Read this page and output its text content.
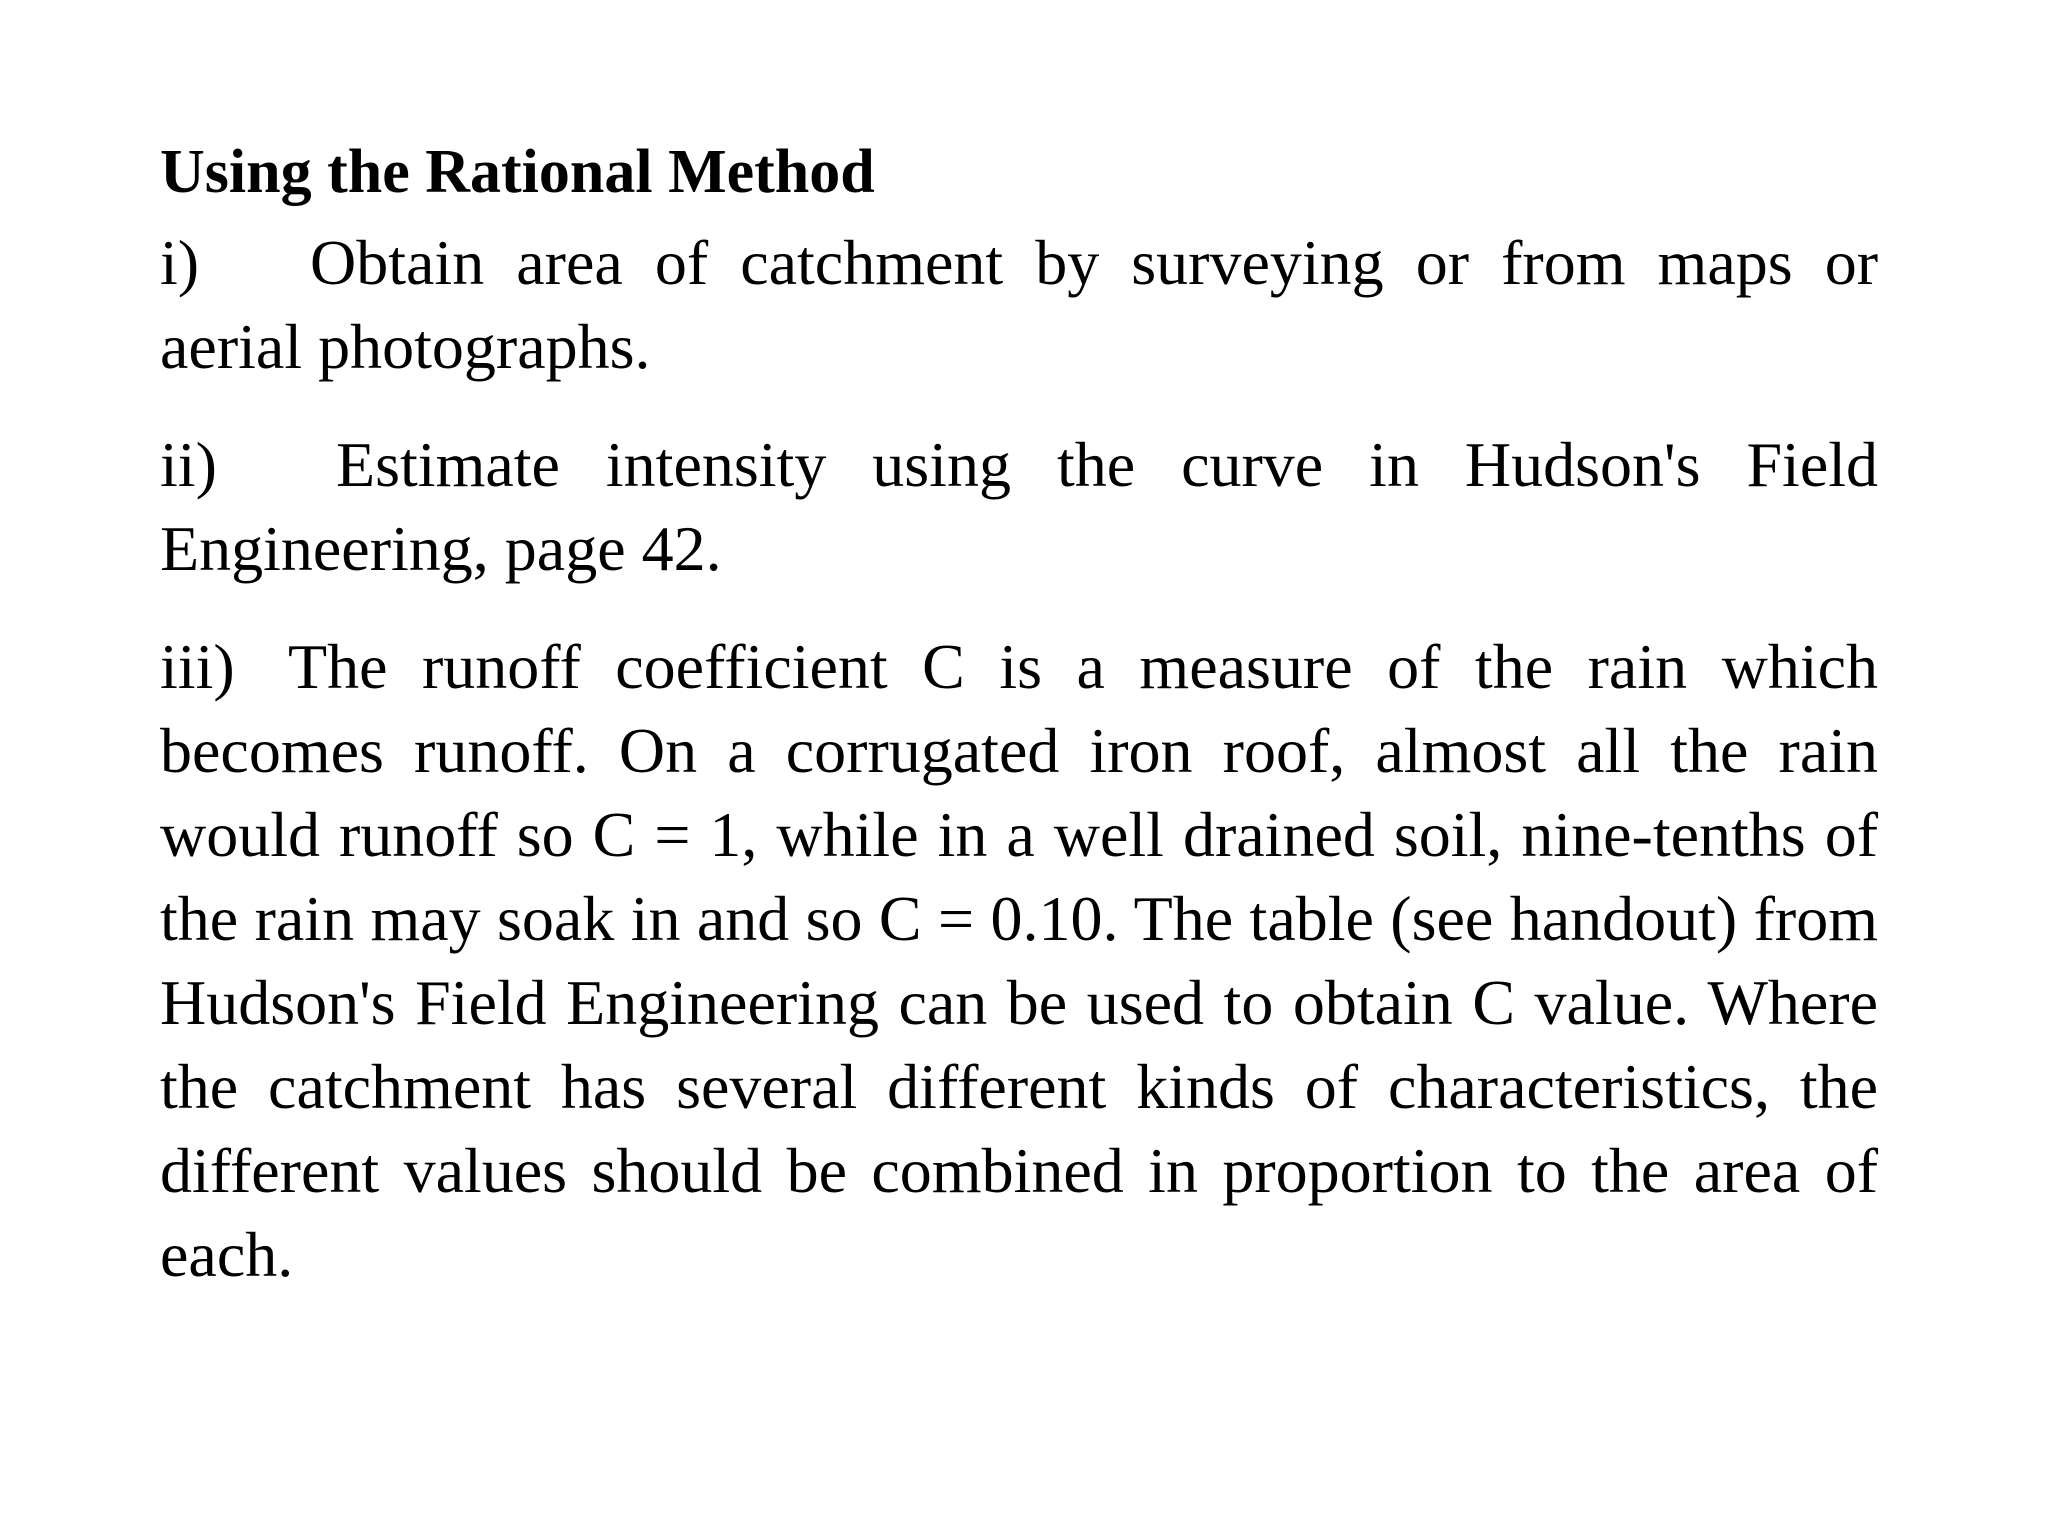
Using the Rational Method
i) Obtain area of catchment by surveying or from maps or aerial photographs.
ii) Estimate intensity using the curve in Hudson's Field Engineering, page 42.
iii) The runoff coefficient C is a measure of the rain which becomes runoff. On a corrugated iron roof, almost all the rain would runoff so C = 1, while in a well drained soil, nine-tenths of the rain may soak in and so C = 0.10. The table (see handout) from Hudson's Field Engineering can be used to obtain C value. Where the catchment has several different kinds of characteristics, the different values should be combined in proportion to the area of each.
